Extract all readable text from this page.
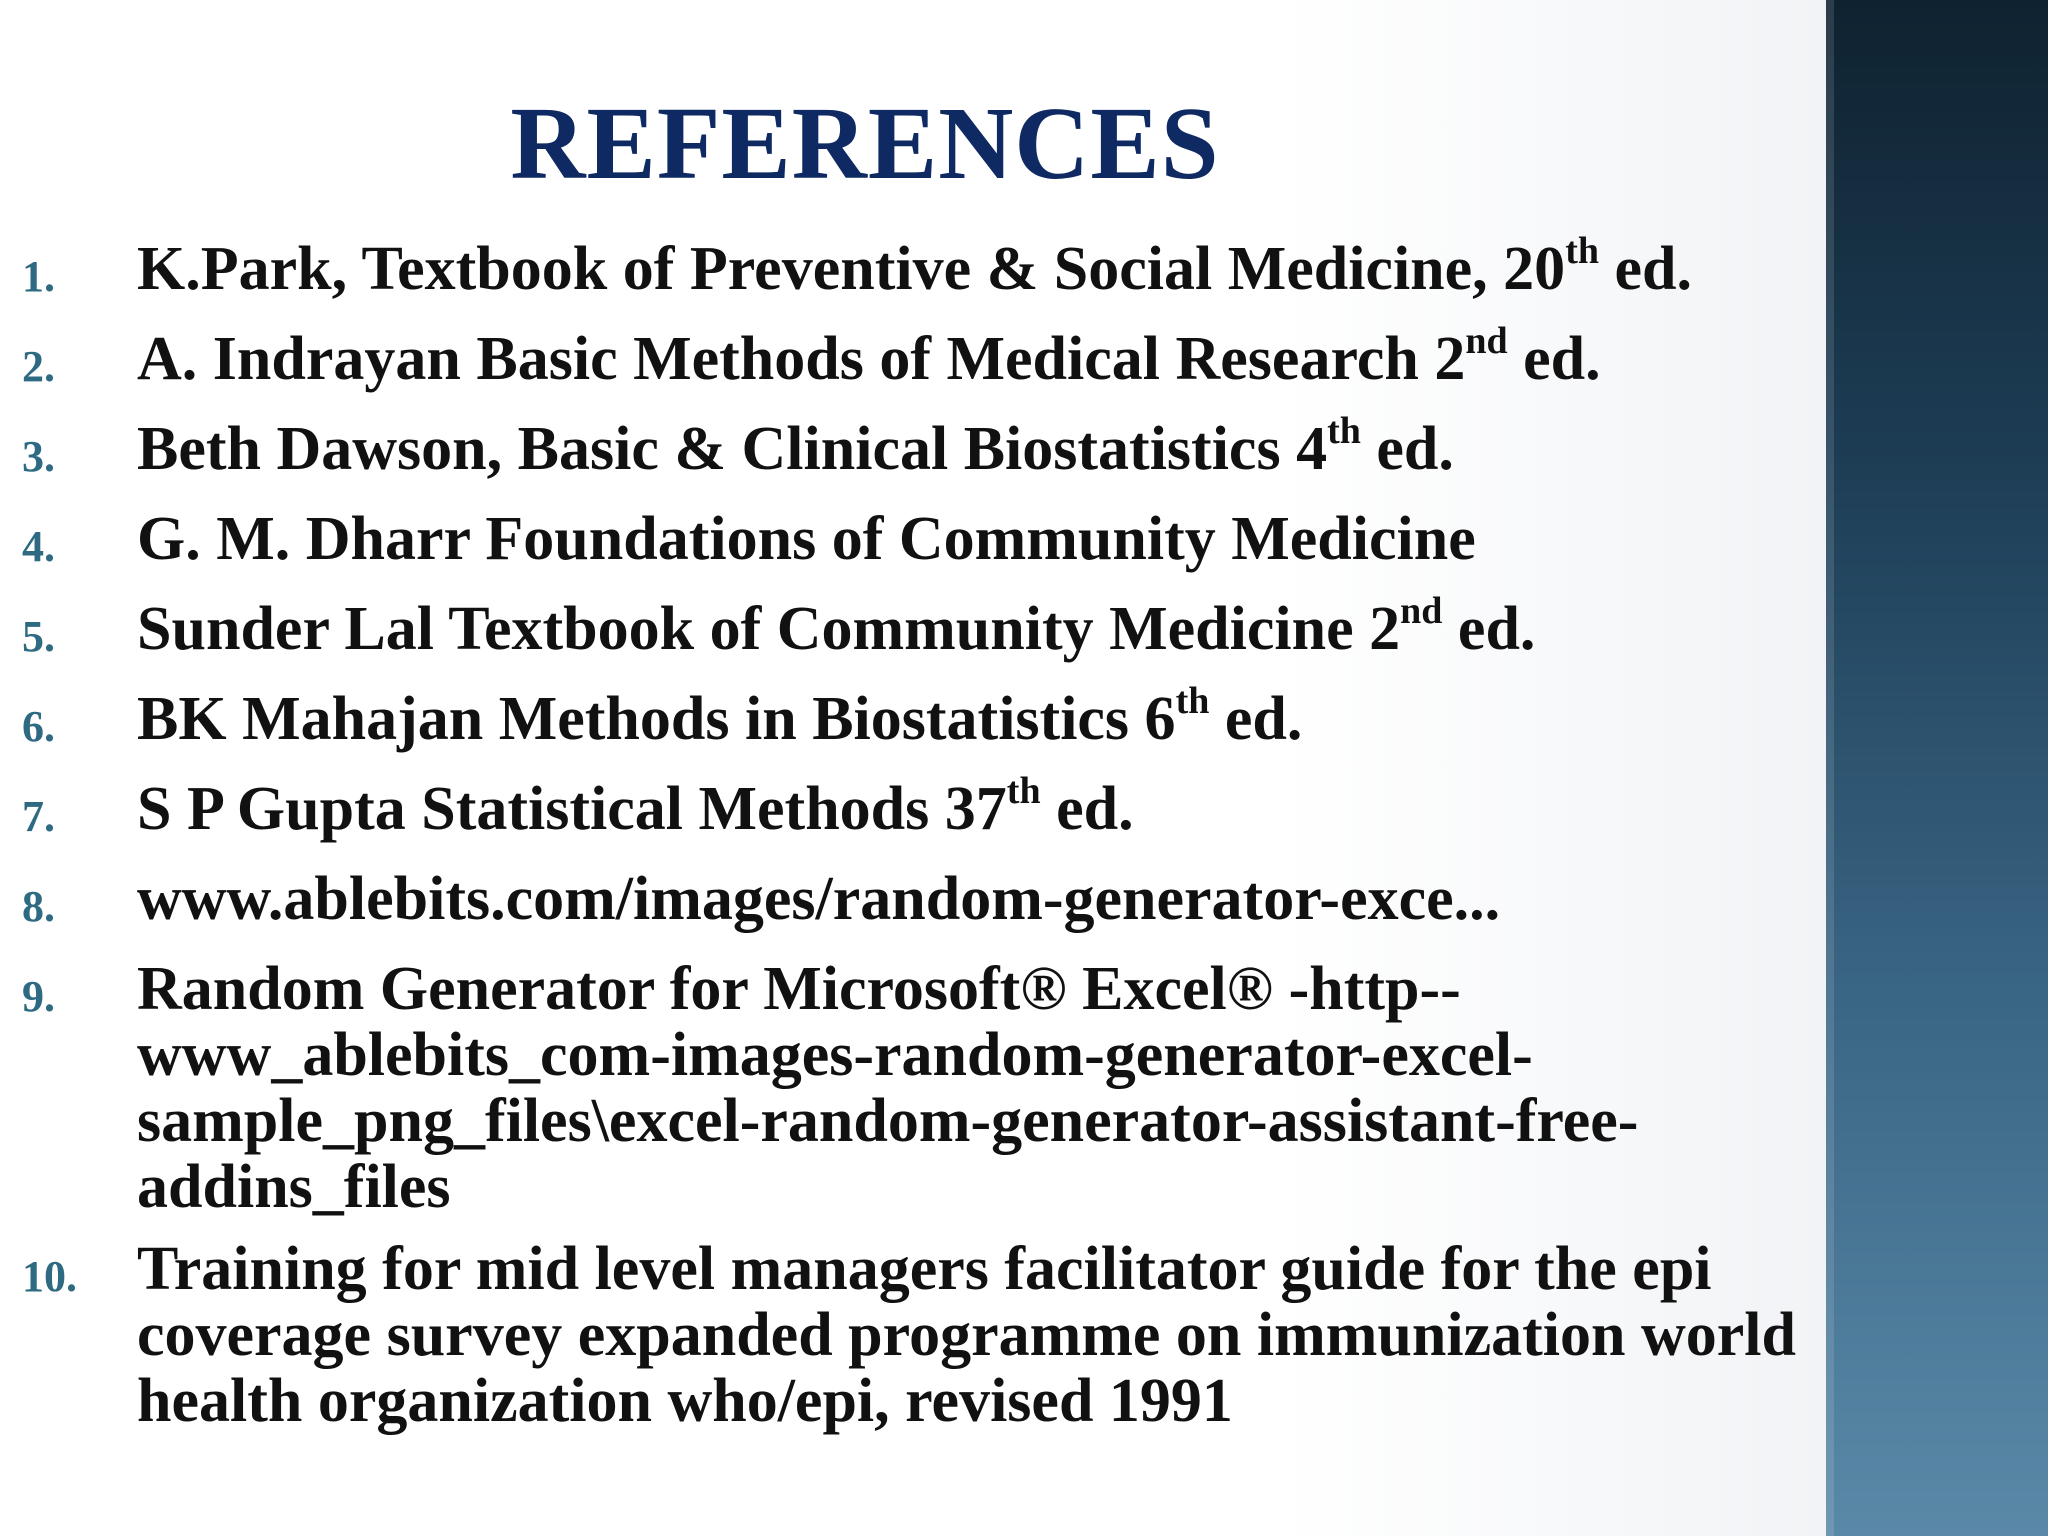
REFERENCES
1.	K.Park, Textbook of Preventive & Social Medicine, 20th ed.
2.	A. Indrayan Basic Methods of Medical Research 2nd ed.
3.	Beth Dawson, Basic & Clinical Biostatistics 4th ed.
4.	G. M. Dharr Foundations of Community Medicine
5.	Sunder Lal Textbook of Community Medicine 2nd ed.
6.	BK Mahajan Methods in Biostatistics 6th ed.
7.	S P Gupta Statistical Methods 37th ed.
8.	www.ablebits.com/images/random-generator-exce...
9.	Random Generator for Microsoft® Excel® -http--www_ablebits_com-images-random-generator-excel-sample_png_files\excel-random-generator-assistant-free-addins_files
10. Training for mid level managers facilitator guide for the epi coverage survey expanded programme on immunization world health organization who/epi, revised 1991
